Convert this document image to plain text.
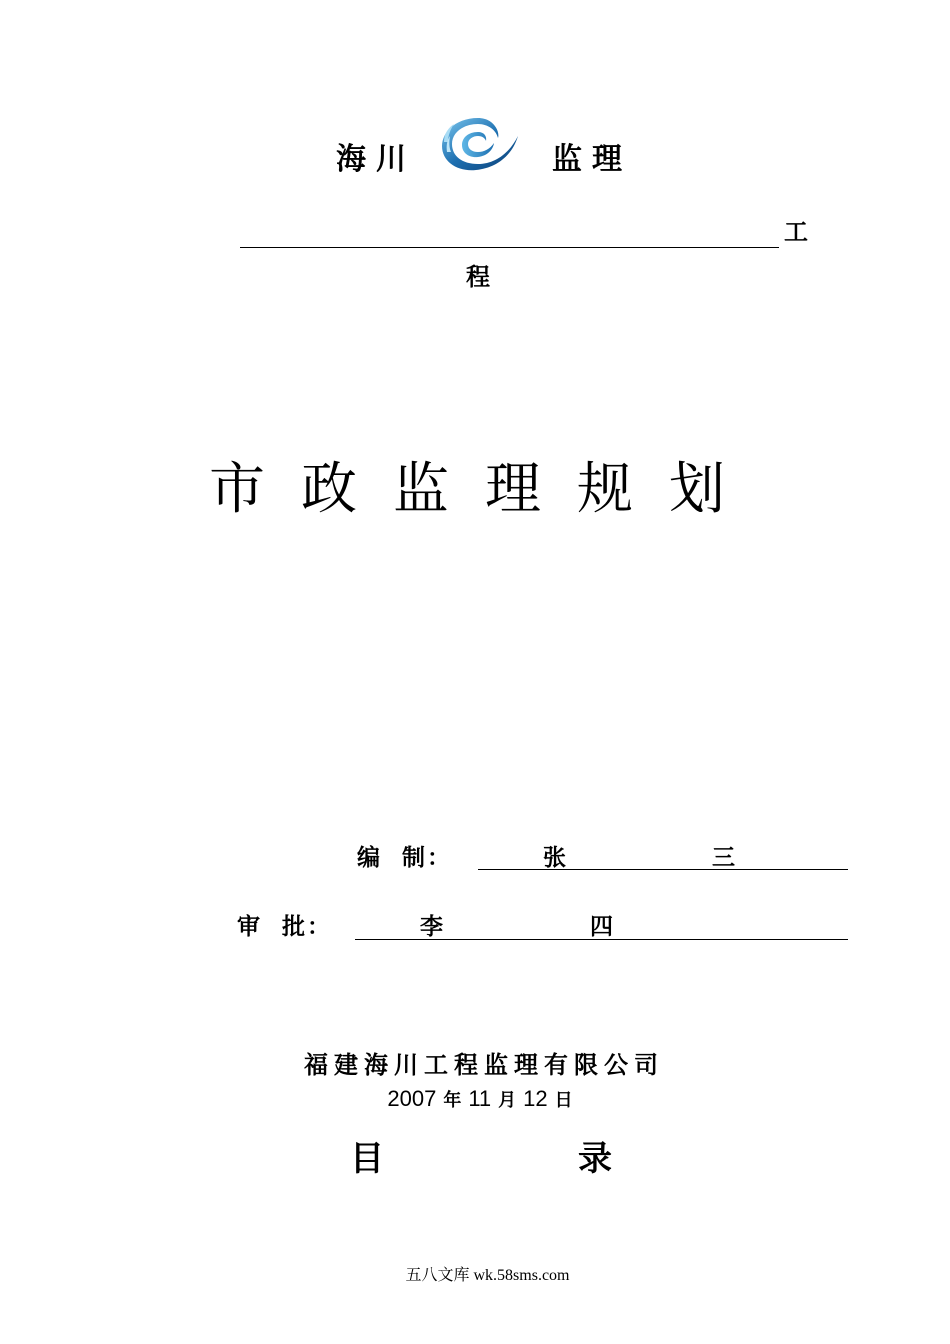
海川	监理
工
程
市政监理规划
编  制：	张	三
审  批：	李	四
福建海川工程监理有限公司
2007 年 11 月 12 日
目	录
五八文库 wk.58sms.com
